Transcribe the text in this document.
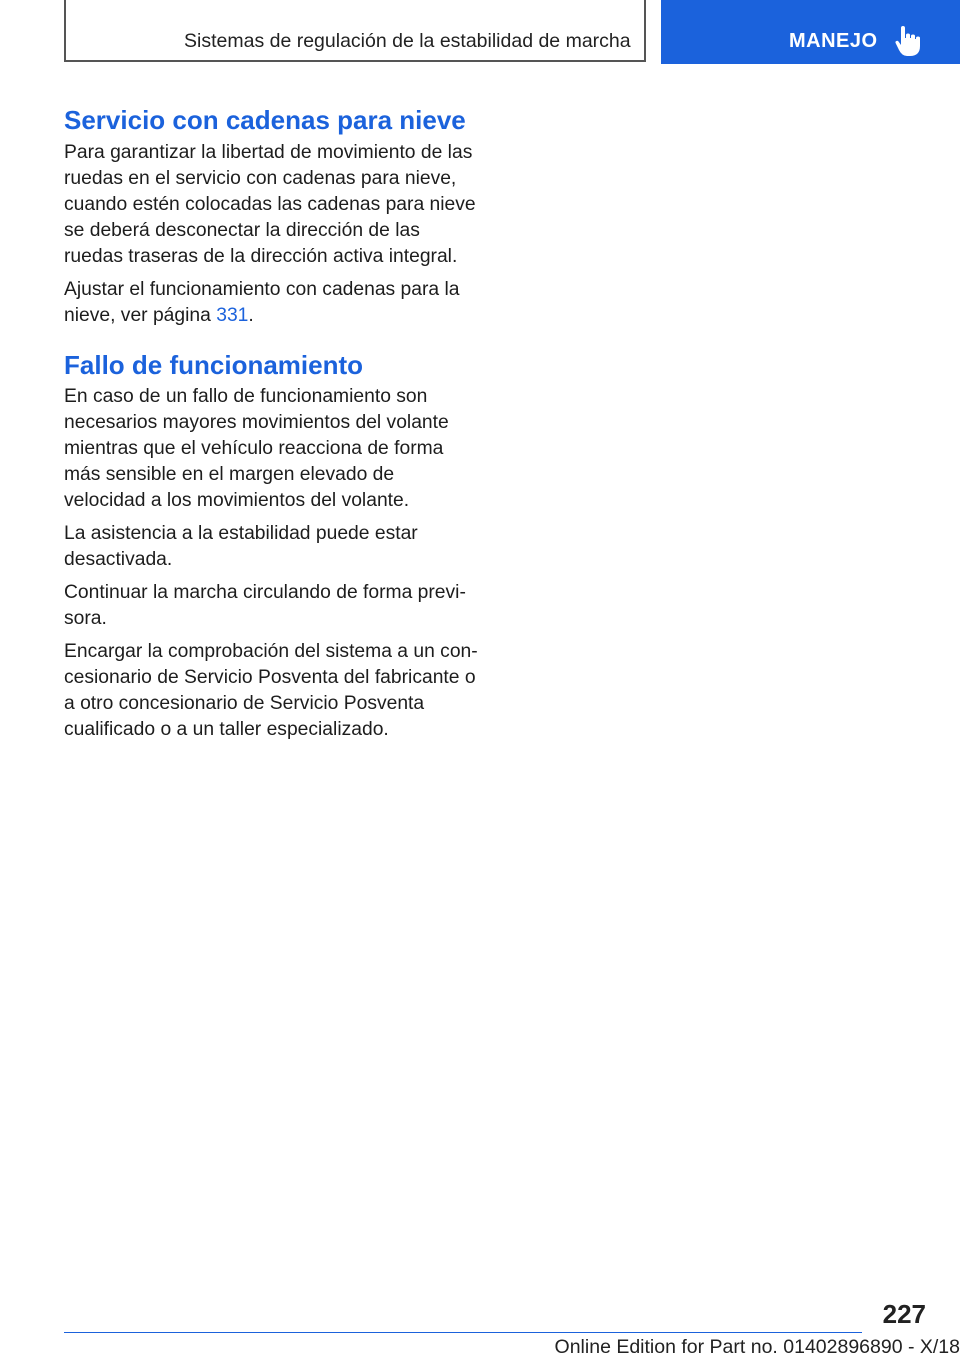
Sistemas de regulación de la estabilidad de marcha	MANEJO
Servicio con cadenas para nieve

Para garantizar la libertad de movimiento de las ruedas en el servicio con cadenas para nieve, cuando estén colocadas las cadenas para nieve se deberá desconectar la dirección de las ruedas traseras de la dirección activa integral.

Ajustar el funcionamiento con cadenas para la nieve, ver página 331.

Fallo de funcionamiento

En caso de un fallo de funcionamiento son necesarios mayores movimientos del volante mientras que el vehículo reacciona de forma más sensible en el margen elevado de velocidad a los movimientos del volante.

La asistencia a la estabilidad puede estar desactivada.

Continuar la marcha circulando de forma previsora.

Encargar la comprobación del sistema a un concesionario de Servicio Posventa del fabricante o a otro concesionario de Servicio Posventa cualificado o a un taller especializado.

227
Online Edition for Part no. 01402896890 - X/18
